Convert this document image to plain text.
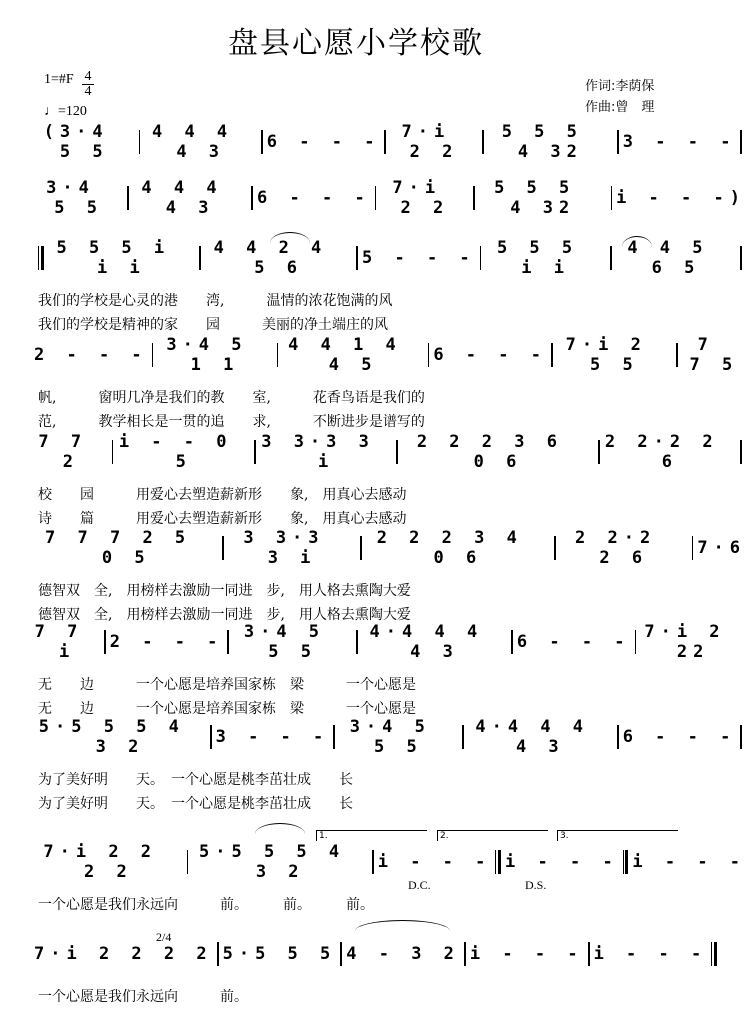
盘县心愿小学校歌
1=#F $\frac{4}{4}$
♩=120
作词:李荫保
作曲:曾　理
(3·4 5 5
4 4 4 4 3	6 - - -	7·i 2 2
5 5 5 4 32	3 - - -
3·4 5 5
4 4 4 4 3	6 - - -	7·i 2 2
5 5 5 4 32	i - - -)
5 5 5 i i i
4 4 2 4 5 6	5 - - -	5 5 5 i i
4 4 5 6 5
我们的学校是心灵的港　　湾,　　　温情的浓花饱满的风
我们的学校是精神的家　　园　　　美丽的净土端庄的风
2 - - -	3·4 5 1 1
4 4 1 4 4 5	6 - - -	7·i 2 5 5
7 7 5
帆,　　　窗明几净是我们的教　　室,　　　花香鸟语是我们的
范,　　　教学相长是一贯的追　　求,　　　不断进步是谱写的
7 7 2
i - - 0 5
3 3·3 3 i
2 2 2 3 6 0 6
2 2·2 2 6
校　　园　　　用爱心去塑造薪新形　　象,　用真心去感动
诗　　篇　　　用爱心去塑造薪新形　　象,　用真心去感动
7 7 7 2 5 0 5
3 3·3 3 i
2 2 2 3 4 0 6
2 2·2 2 6	7·6
德智双　全,　用榜样去激励一同进　步,　用人格去熏陶大爱
德智双　全,　用榜样去激励一同进　步,　用人格去熏陶大爱
7 7 i	2 - - -	3·4 5 5 5
4·4 4 4 4 3	6 - - - 7·i 2 22
无　　边　　　一个心愿是培养国家栋　梁　　　一个心愿是
无　　边　　　一个心愿是培养国家栋　梁　　　一个心愿是
5·5 5 5 4 3 2	3 - - -	3·4 5 5 5
4·4 4 4 4 3	6 - - -
为了美好明　　天。　一个心愿是桃李茁壮成　　长
为了美好明　　天。　一个心愿是桃李茁壮成　　长
7·i 2 2 2 2
5·5 5 5 4 3 2	i - - - i - - - i - - -
一个心愿是我们永远向　　　前。　　　前。　　　前。
7·i 2 2 2 2 5·5 5 5 4 - 3 2 i - - - i - - -
一个心愿是我们永远向　　　前。
D.C.	D.S.
2/4
1.	2.	3.
